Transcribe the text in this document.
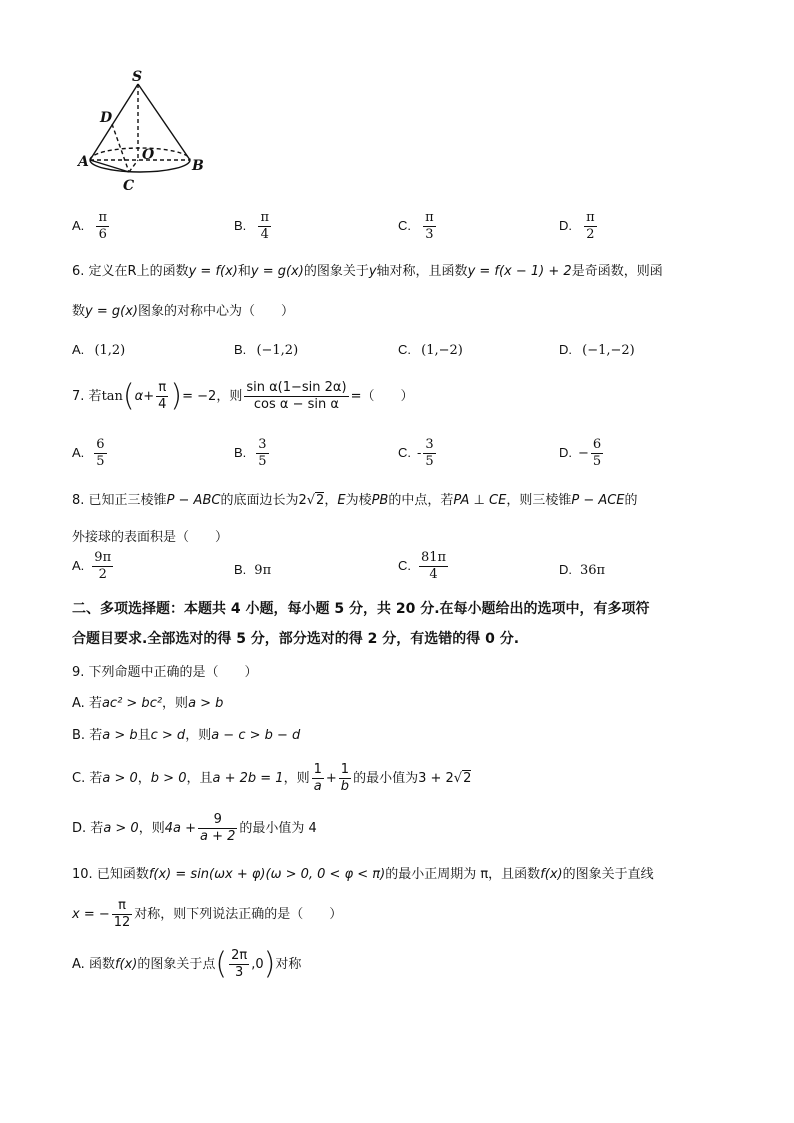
S
D
A	O
B
C
A. $\frac{\pi}{6}$	B. $\frac{\pi}{4}$	C. $\frac{\pi}{3}$	D. $\frac{\pi}{2}$
6. 定义在R上的函数y = f(x)和y = g(x)的图象关于y轴对称，且函数y = f(x − 1) + 2是奇函数，则函
数y = g(x)图象的对称中心为（　　）
A. (1,2)	B. (−1,2)	C. (1,−2)	D. (−1,−2)
7. 若$\tan(\alpha+ \frac{\pi}{4}$ )= −2，则 $\frac{\text{sin α(1−sin 2α)}}{\text{cos α − sin α}}$ =（　　）
A. $\frac{6}{5}$	B. $\frac{3}{5}$	C. - $\frac{3}{5}$	D. − $\frac{6}{5}$
8. 已知正三棱锥P − ABC的底面边长为2√2，E为棱PB的中点，若PA ⊥ CE，则三棱锥P − ACE的
外接球的表面积是（　　）
A. $\frac{9\pi}{2}$	B. 9π	C. $\frac{81\pi}{4}$	D. 36π
二、多项选择题：本题共 4 小题，每小题 5 分，共 20 分.在每小题给出的选项中，有多项符
合题目要求.全部选对的得 5 分，部分选对的得 2 分，有选错的得 0 分.
9. 下列命题中正确的是（　　）
A. 若ac² > bc²，则a > b
B. 若a > b且c > d，则a − c > b − d
C. 若a > 0，b > 0，且a + 2b = 1，则 $\frac{1}{a} + \frac{1}{b}$ 的最小值为3 + 2√2
D. 若a > 0，则$4a + \frac{9}{a + 2}$ 的最小值为 4
10. 已知函数f(x) = sin(ωx + φ)(ω > 0, 0 < φ < π)的最小正周期为 π，且函数f(x)的图象关于直线
x = − $\frac{\pi}{12}$ 对称，则下列说法正确的是（　　）
A. 函数f(x)的图象关于点( $\frac{2\pi}{3} ,0$)对称
